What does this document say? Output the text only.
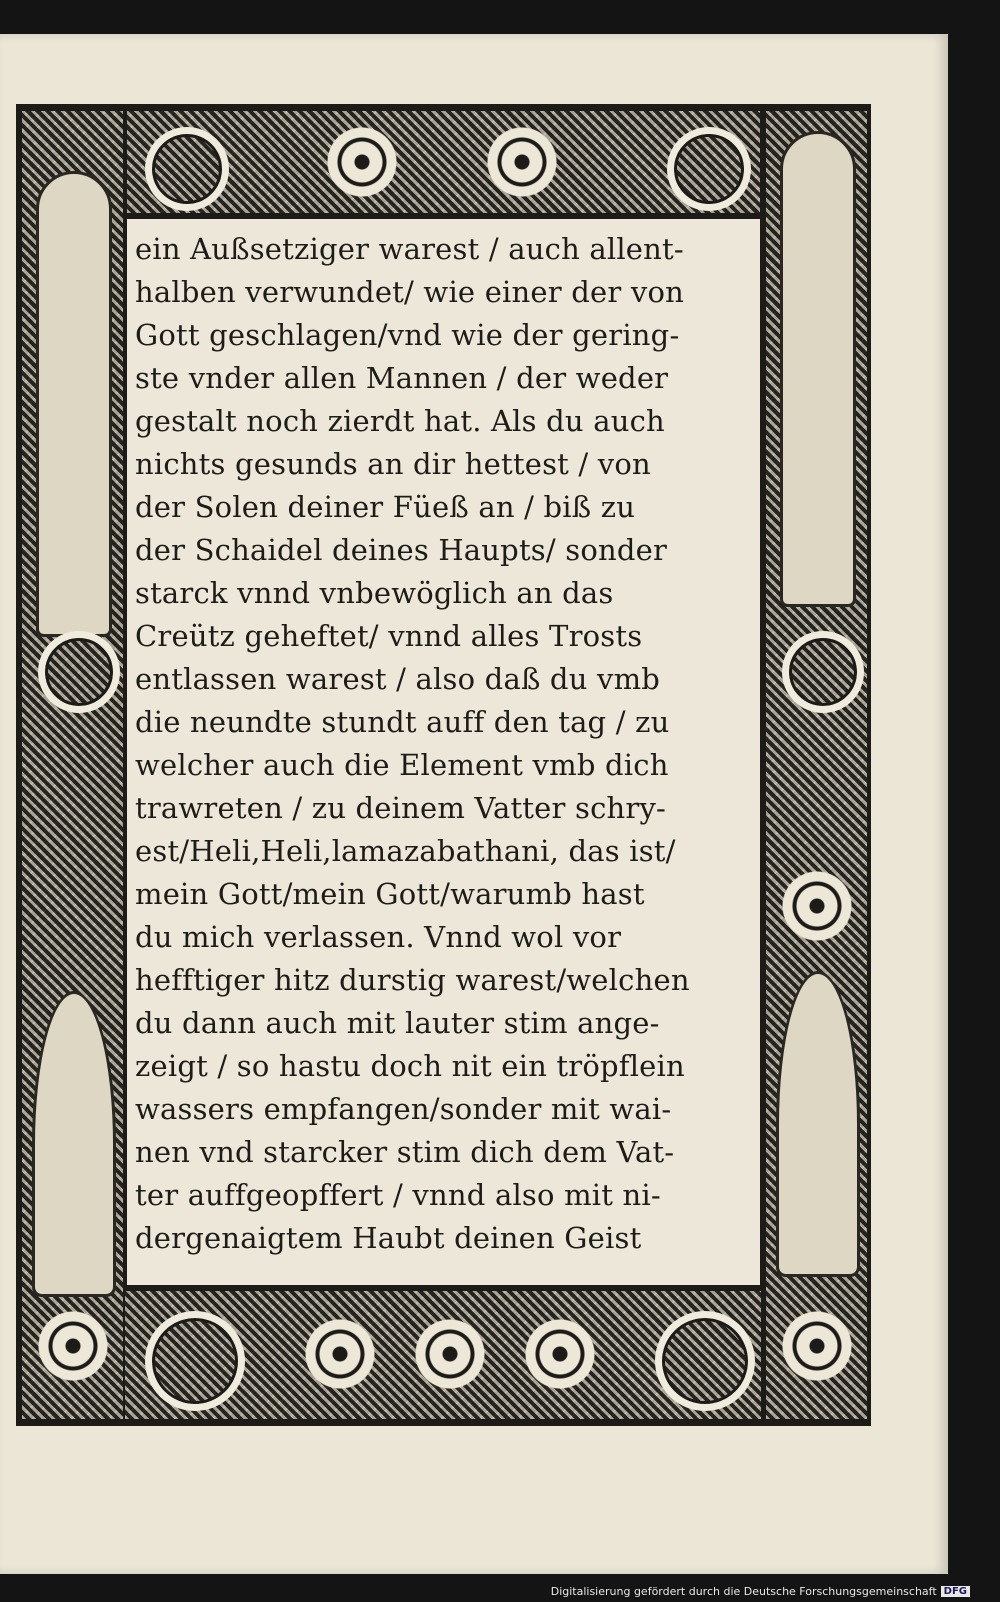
ein Außsetziger warest / auch allent-
halben verwundet/ wie einer der von
Gott geschlagen/vnd wie der gering-
ste vnder allen Mannen / der weder
gestalt noch zierdt hat. Als du auch
nichts gesunds an dir hettest / von
der Solen deiner Füeß an / biß zu
der Schaidel deines Haupts/ sonder
starck vnnd vnbewöglich an das
Creütz geheftet/ vnnd alles Trosts
entlassen warest / also daß du vmb
die neundte stundt auff den tag / zu
welcher auch die Element vmb dich
trawreten / zu deinem Vatter schry-
est/Heli,Heli,lamazabathani, das ist/
mein Gott/mein Gott/warumb hast
du mich verlassen. Vnnd wol vor
hefftiger hitz durstig warest/welchen
du dann auch mit lauter stim ange-
zeigt / so hastu doch nit ein tröpflein
wassers empfangen/sonder mit wai-
nen vnd starcker stim dich dem Vat-
ter auffgeopffert / vnnd also mit ni-
dergenaigtem Haubt deinen Geist
Digitalisierung gefördert durch die Deutsche Forschungsgemeinschaft DFG
